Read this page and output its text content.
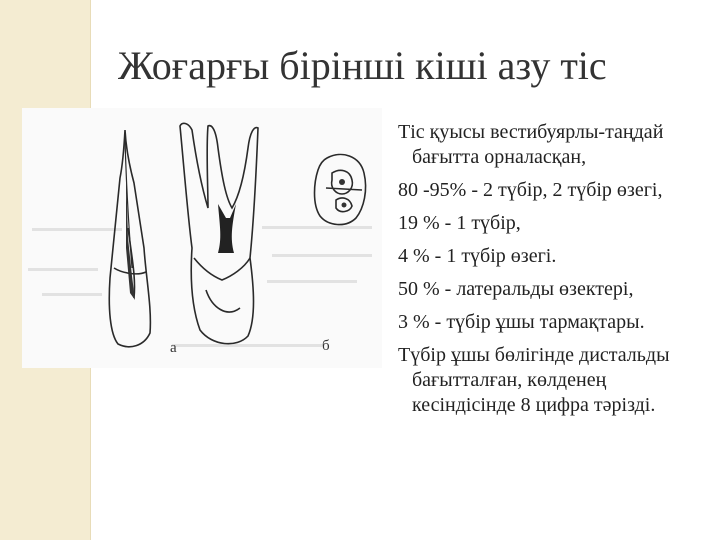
Жоғарғы бірінші кіші азу тіс
а	б
Тіс қуысы вестибуярлы-таңдай бағытта орналасқан,
80 -95% - 2 түбір, 2 түбір өзегі,
19 % - 1 түбір,
4 % - 1 түбір өзегі.
50 % - латеральды өзектері,
3 % - түбір ұшы тармақтары.
Түбір ұшы бөлігінде дистальды бағытталған, көлденең кесіндісінде 8 цифра тәрізді.
